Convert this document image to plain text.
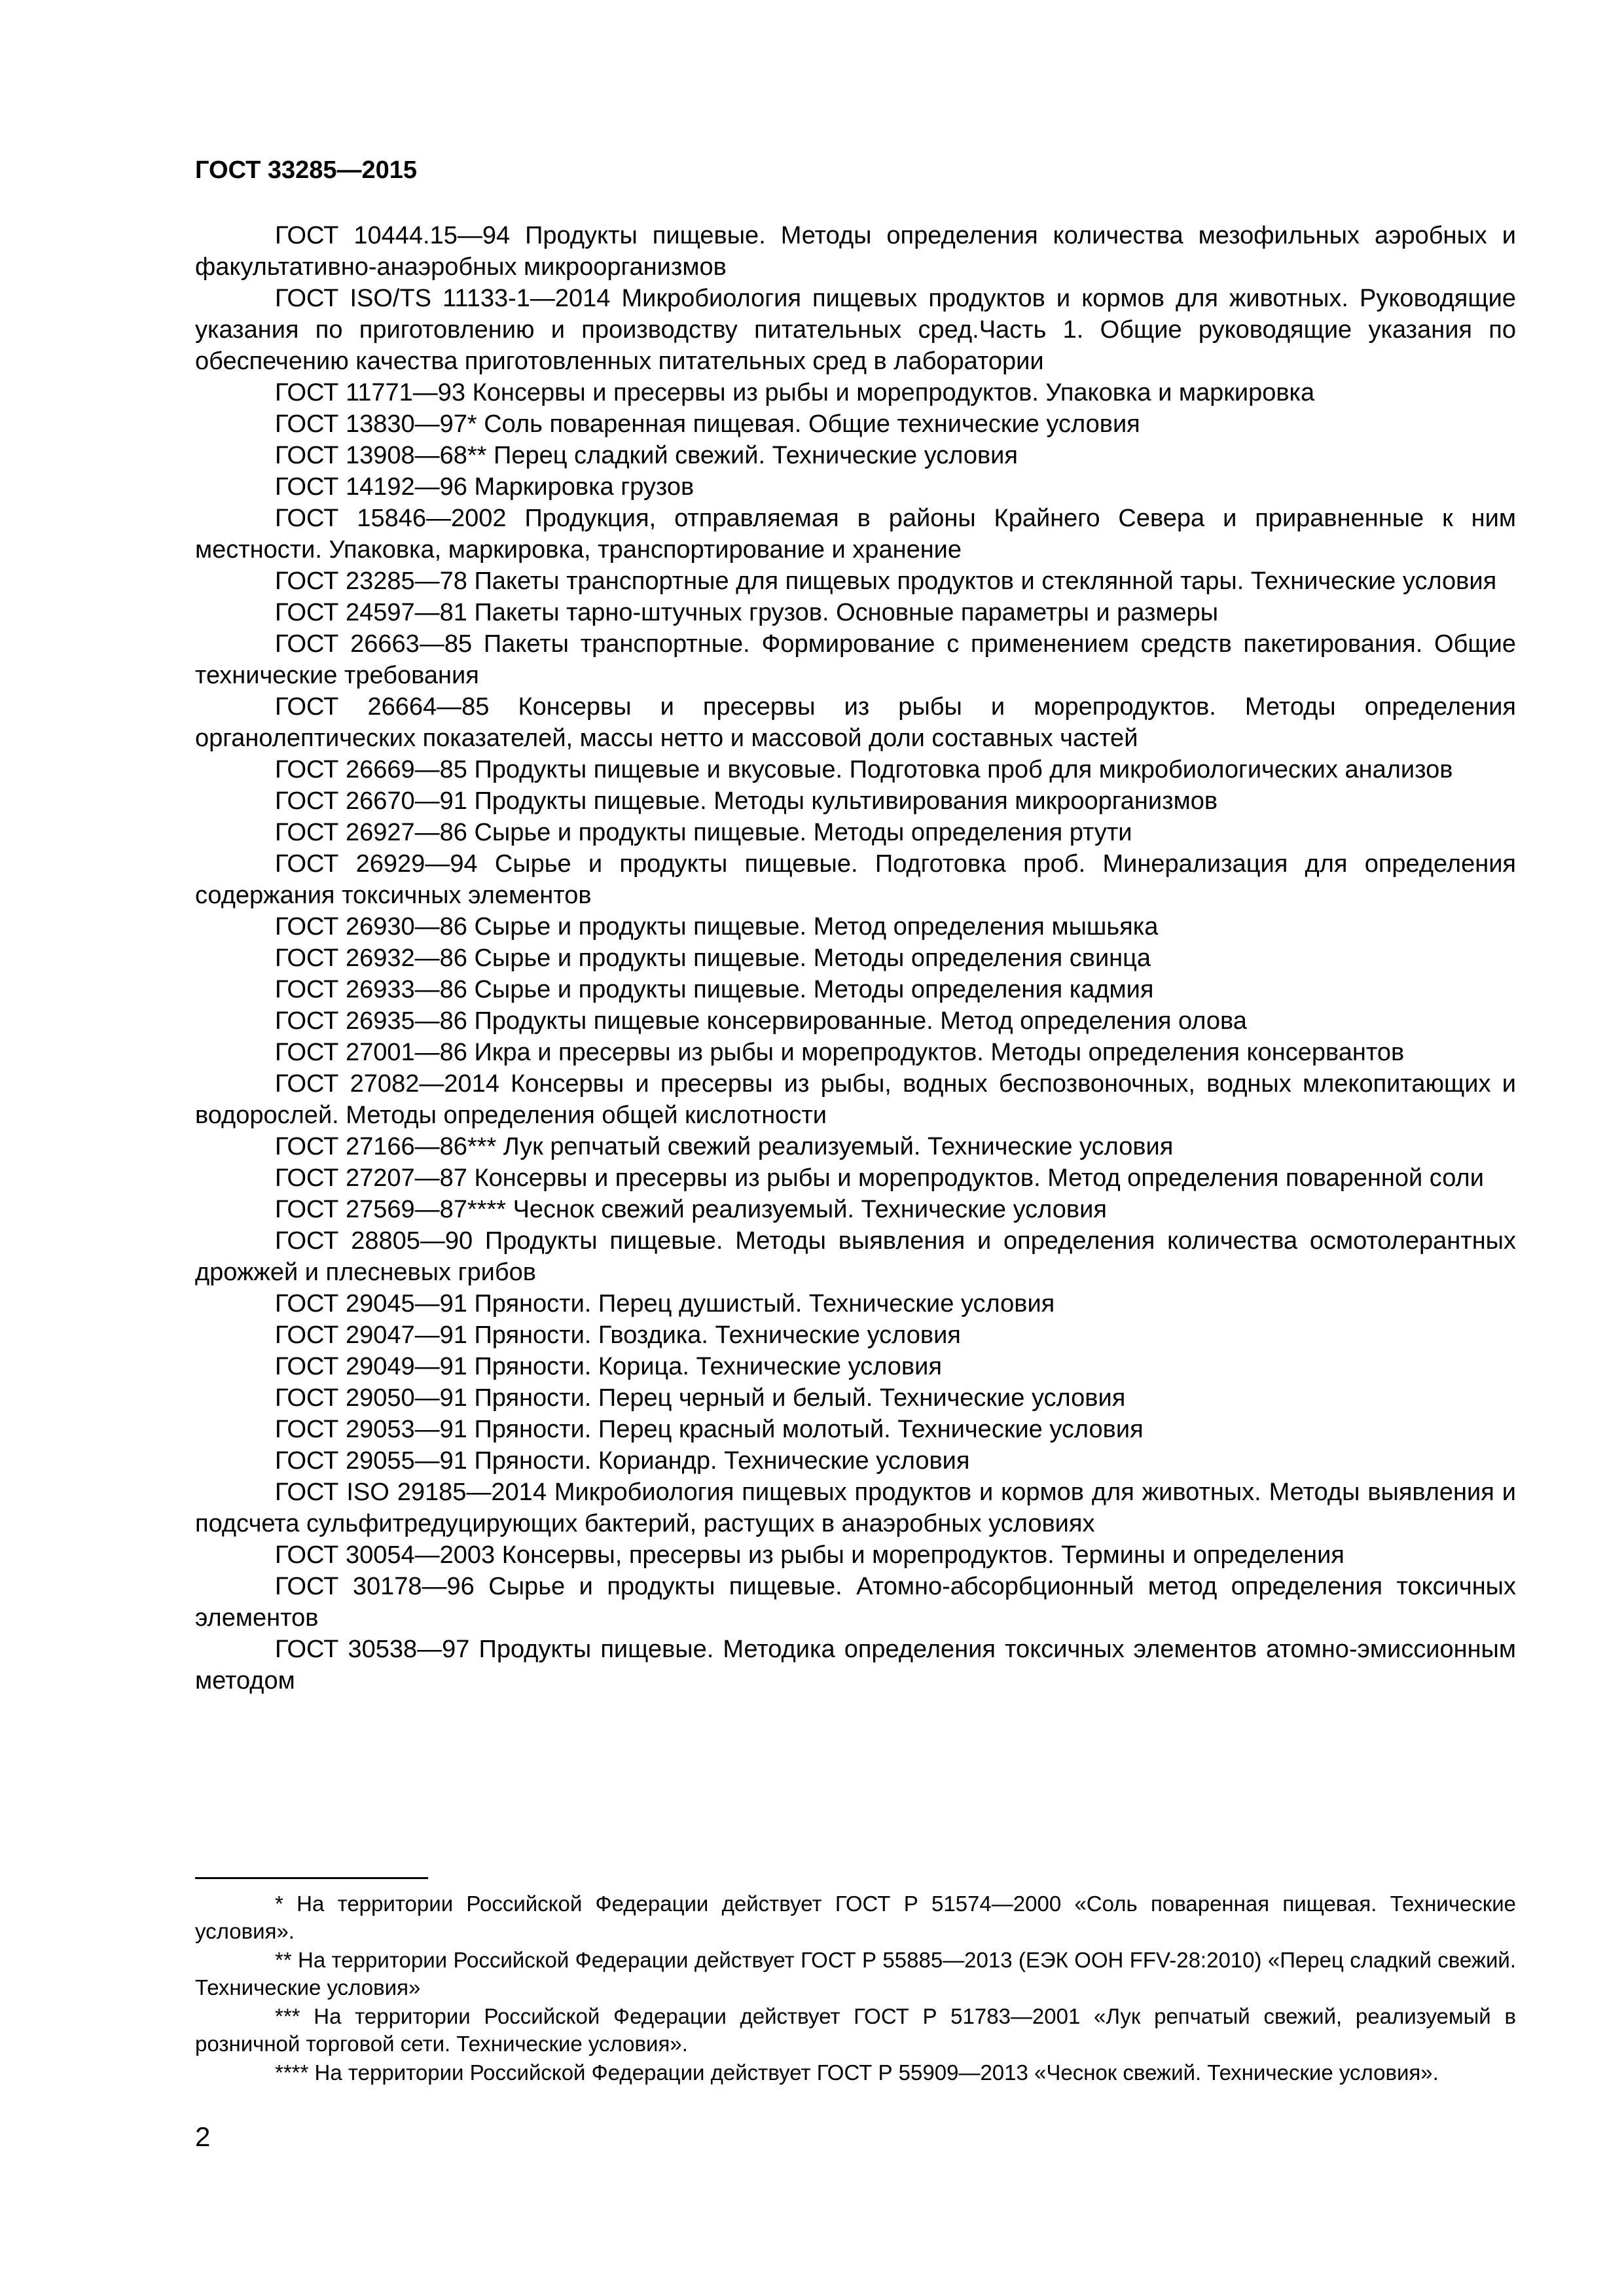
ГОСТ 33285—2015

ГОСТ 10444.15—94 Продукты пищевые. Методы определения количества мезофильных аэробных и факультативно-анаэробных микроорганизмов

ГОСТ ISO/TS 11133-1—2014 Микробиология пищевых продуктов и кормов для животных. Руководящие указания по приготовлению и производству питательных сред.Часть 1. Общие руководящие указания по обеспечению качества приготовленных питательных сред в лаборатории

ГОСТ 11771—93 Консервы и пресервы из рыбы и морепродуктов. Упаковка и маркировка

ГОСТ 13830—97* Соль поваренная пищевая. Общие технические условия

ГОСТ 13908—68** Перец сладкий свежий. Технические условия

ГОСТ 14192—96 Маркировка грузов

ГОСТ 15846—2002 Продукция, отправляемая в районы Крайнего Севера и приравненные к ним местности. Упаковка, маркировка, транспортирование и хранение

ГОСТ 23285—78 Пакеты транспортные для пищевых продуктов и стеклянной тары. Технические условия

ГОСТ 24597—81 Пакеты тарно-штучных грузов. Основные параметры и размеры

ГОСТ 26663—85 Пакеты транспортные. Формирование с применением средств пакетирования. Общие технические требования

ГОСТ 26664—85 Консервы и пресервы из рыбы и морепродуктов. Методы определения органолептических показателей, массы нетто и массовой доли составных частей

ГОСТ 26669—85 Продукты пищевые и вкусовые. Подготовка проб для микробиологических анализов

ГОСТ 26670—91 Продукты пищевые. Методы культивирования микроорганизмов

ГОСТ 26927—86 Сырье и продукты пищевые. Методы определения ртути

ГОСТ 26929—94 Сырье и продукты пищевые. Подготовка проб. Минерализация для определения содержания токсичных элементов

ГОСТ 26930—86 Сырье и продукты пищевые. Метод определения мышьяка

ГОСТ 26932—86 Сырье и продукты пищевые. Методы определения свинца

ГОСТ 26933—86 Сырье и продукты пищевые. Методы определения кадмия

ГОСТ 26935—86 Продукты пищевые консервированные. Метод определения олова

ГОСТ 27001—86 Икра и пресервы из рыбы и морепродуктов. Методы определения консервантов

ГОСТ 27082—2014 Консервы и пресервы из рыбы, водных беспозвоночных, водных млекопитающих и водорослей. Методы определения общей кислотности

ГОСТ 27166—86*** Лук репчатый свежий реализуемый. Технические условия

ГОСТ 27207—87 Консервы и пресервы из рыбы и морепродуктов. Метод определения поваренной соли

ГОСТ 27569—87**** Чеснок свежий реализуемый. Технические условия

ГОСТ 28805—90 Продукты пищевые. Методы выявления и определения количества осмотолерантных дрожжей и плесневых грибов

ГОСТ 29045—91 Пряности. Перец душистый. Технические условия

ГОСТ 29047—91 Пряности. Гвоздика. Технические условия

ГОСТ 29049—91 Пряности. Корица. Технические условия

ГОСТ 29050—91 Пряности. Перец черный и белый. Технические условия

ГОСТ 29053—91 Пряности. Перец красный молотый. Технические условия

ГОСТ 29055—91 Пряности. Кориандр. Технические условия

ГОСТ ISO 29185—2014 Микробиология пищевых продуктов и кормов для животных. Методы выявления и подсчета сульфитредуцирующих бактерий, растущих в анаэробных условиях

ГОСТ 30054—2003 Консервы, пресервы из рыбы и морепродуктов. Термины и определения

ГОСТ 30178—96 Сырье и продукты пищевые. Атомно-абсорбционный метод определения токсичных элементов

ГОСТ 30538—97 Продукты пищевые. Методика определения токсичных элементов атомно-эмиссионным методом

* На территории Российской Федерации действует ГОСТ Р 51574—2000 «Соль поваренная пищевая. Технические условия».

** На территории Российской Федерации действует ГОСТ Р 55885—2013 (ЕЭК ООН FFV-28:2010) «Перец сладкий свежий. Технические условия»

*** На территории Российской Федерации действует ГОСТ Р 51783—2001 «Лук репчатый свежий, реализуемый в розничной торговой сети. Технические условия».

**** На территории Российской Федерации действует ГОСТ Р 55909—2013 «Чеснок свежий. Технические условия».

2
